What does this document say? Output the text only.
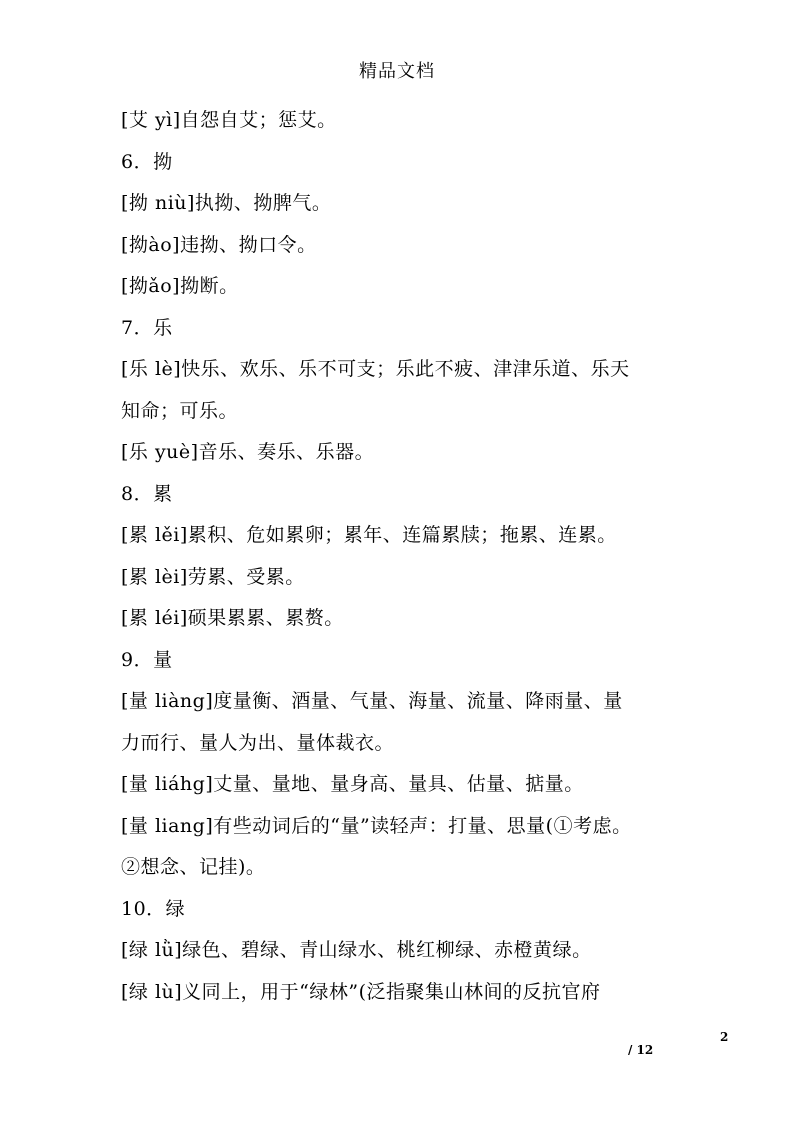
精品文档
[艾 yì]自怨自艾；惩艾。
6．拗
[拗 niù]执拗、拗脾气。
[拗ào]违拗、拗口令。
[拗ǎo]拗断。
7．乐
[乐 lè]快乐、欢乐、乐不可支；乐此不疲、津津乐道、乐天
知命；可乐。
[乐 yuè]音乐、奏乐、乐器。
8．累
[累 lěi]累积、危如累卵；累年、连篇累牍；拖累、连累。
[累 lèi]劳累、受累。
[累 léi]硕果累累、累赘。
9．量
[量 liàng]度量衡、酒量、气量、海量、流量、降雨量、量
力而行、量人为出、量体裁衣。
[量 liáhg]丈量、量地、量身高、量具、估量、掂量。
[量 liang]有些动词后的“量”读轻声：打量、思量(①考虑。
②想念、记挂)。
10．绿
[绿 lǜ]绿色、碧绿、青山绿水、桃红柳绿、赤橙黄绿。
[绿 lù]义同上，用于“绿林”(泛指聚集山林间的反抗官府
2
/ 12
